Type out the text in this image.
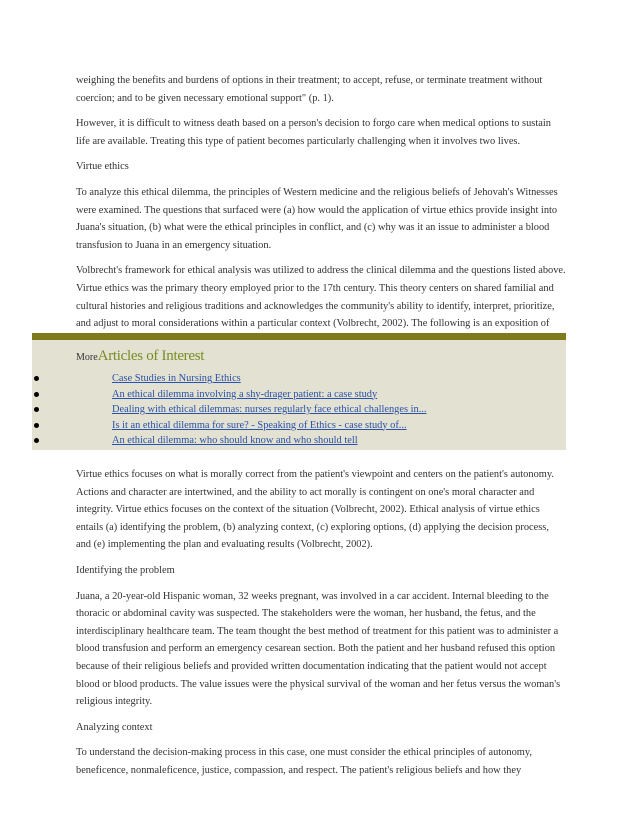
weighing the benefits and burdens of options in their treatment; to accept, refuse, or terminate treatment without coercion; and to be given necessary emotional support" (p. 1).

However, it is difficult to witness death based on a person's decision to forgo care when medical options to sustain life are available. Treating this type of patient becomes particularly challenging when it involves two lives.

Virtue ethics

To analyze this ethical dilemma, the principles of Western medicine and the religious beliefs of Jehovah's Witnesses were examined. The questions that surfaced were (a) how would the application of virtue ethics provide insight into Juana's situation, (b) what were the ethical principles in conflict, and (c) why was it an issue to administer a blood transfusion to Juana in an emergency situation.

Volbrecht's framework for ethical analysis was utilized to address the clinical dilemma and the questions listed above. Virtue ethics was the primary theory employed prior to the 17th century. This theory centers on shared familial and cultural histories and religious traditions and acknowledges the community's ability to identify, interpret, prioritize, and adjust to moral considerations within a particular context (Volbrecht, 2002). The following is an exposition of

MoreArticles of Interest
Case Studies in Nursing Ethics
An ethical dilemma involving a shy-drager patient: a case study
Dealing with ethical dilemmas: nurses regularly face ethical challenges in...
Is it an ethical dilemma for sure? - Speaking of Ethics - case study of...
An ethical dilemma: who should know and who should tell

Virtue ethics focuses on what is morally correct from the patient's viewpoint and centers on the patient's autonomy. Actions and character are intertwined, and the ability to act morally is contingent on one's moral character and integrity. Virtue ethics focuses on the context of the situation (Volbrecht, 2002). Ethical analysis of virtue ethics entails (a) identifying the problem, (b) analyzing context, (c) exploring options, (d) applying the decision process, and (e) implementing the plan and evaluating results (Volbrecht, 2002).

Identifying the problem

Juana, a 20-year-old Hispanic woman, 32 weeks pregnant, was involved in a car accident. Internal bleeding to the thoracic or abdominal cavity was suspected. The stakeholders were the woman, her husband, the fetus, and the interdisciplinary healthcare team. The team thought the best method of treatment for this patient was to administer a blood transfusion and perform an emergency cesarean section. Both the patient and her husband refused this option because of their religious beliefs and provided written documentation indicating that the patient would not accept blood or blood products. The value issues were the physical survival of the woman and her fetus versus the woman's religious integrity.

Analyzing context

To understand the decision-making process in this case, one must consider the ethical principles of autonomy, beneficence, nonmaleficence, justice, compassion, and respect. The patient's religious beliefs and how they
